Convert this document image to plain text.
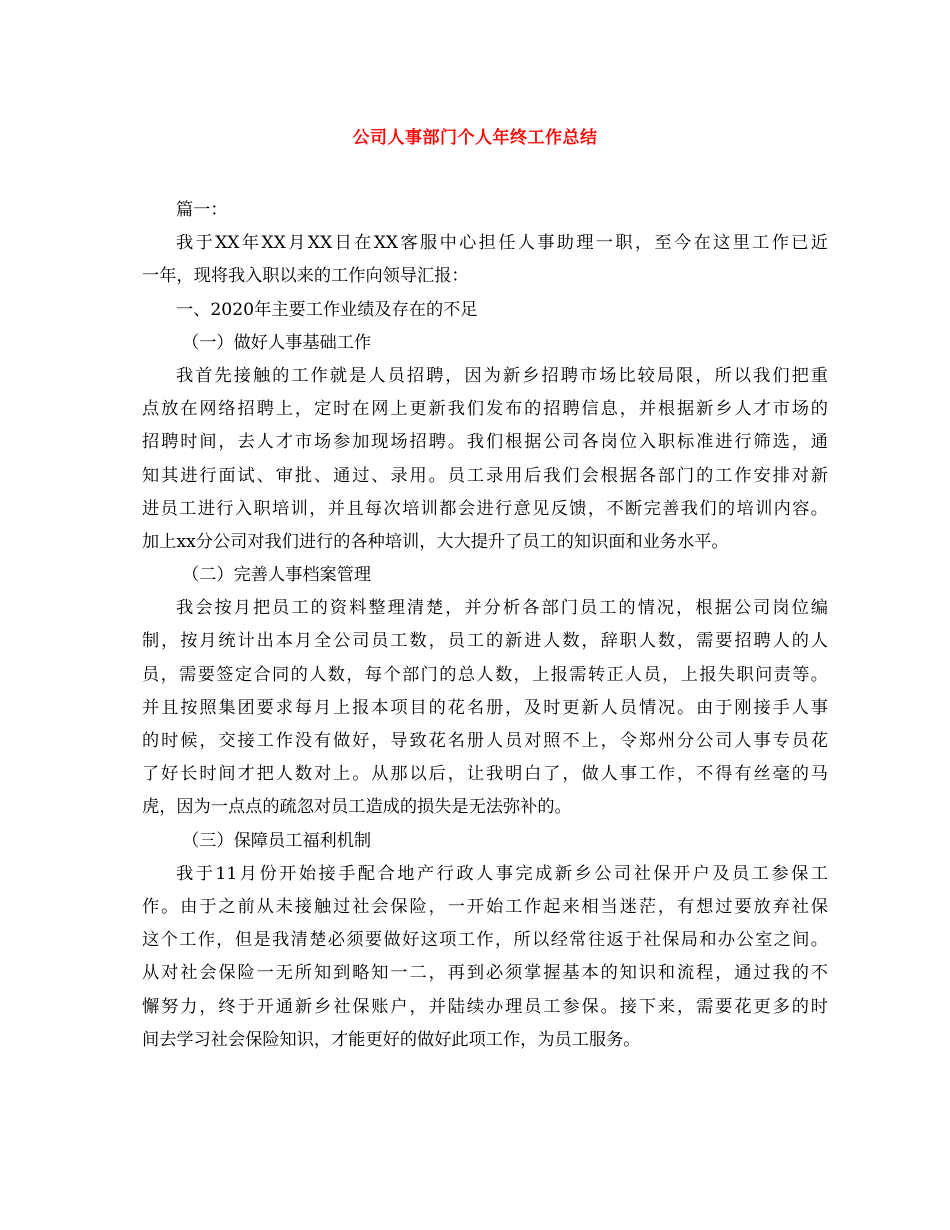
公司人事部门个人年终工作总结
篇一：
我于XX年XX月XX日在XX客服中心担任人事助理一职，至今在这里工作已近
一年，现将我入职以来的工作向领导汇报：
一、2020年主要工作业绩及存在的不足
（一）做好人事基础工作
我首先接触的工作就是人员招聘，因为新乡招聘市场比较局限，所以我们把重
点放在网络招聘上，定时在网上更新我们发布的招聘信息，并根据新乡人才市场的
招聘时间，去人才市场参加现场招聘。我们根据公司各岗位入职标准进行筛选，通
知其进行面试、审批、通过、录用。员工录用后我们会根据各部门的工作安排对新
进员工进行入职培训，并且每次培训都会进行意见反馈，不断完善我们的培训内容。
加上xx分公司对我们进行的各种培训，大大提升了员工的知识面和业务水平。
（二）完善人事档案管理
我会按月把员工的资料整理清楚，并分析各部门员工的情况，根据公司岗位编
制，按月统计出本月全公司员工数，员工的新进人数，辞职人数，需要招聘人的人
员，需要签定合同的人数，每个部门的总人数，上报需转正人员，上报失职问责等。
并且按照集团要求每月上报本项目的花名册，及时更新人员情况。由于刚接手人事
的时候，交接工作没有做好，导致花名册人员对照不上，令郑州分公司人事专员花
了好长时间才把人数对上。从那以后，让我明白了，做人事工作，不得有丝毫的马
虎，因为一点点的疏忽对员工造成的损失是无法弥补的。
（三）保障员工福利机制
我于11月份开始接手配合地产行政人事完成新乡公司社保开户及员工参保工
作。由于之前从未接触过社会保险，一开始工作起来相当迷茫，有想过要放弃社保
这个工作，但是我清楚必须要做好这项工作，所以经常往返于社保局和办公室之间。
从对社会保险一无所知到略知一二，再到必须掌握基本的知识和流程，通过我的不
懈努力，终于开通新乡社保账户，并陆续办理员工参保。接下来，需要花更多的时
间去学习社会保险知识，才能更好的做好此项工作，为员工服务。
